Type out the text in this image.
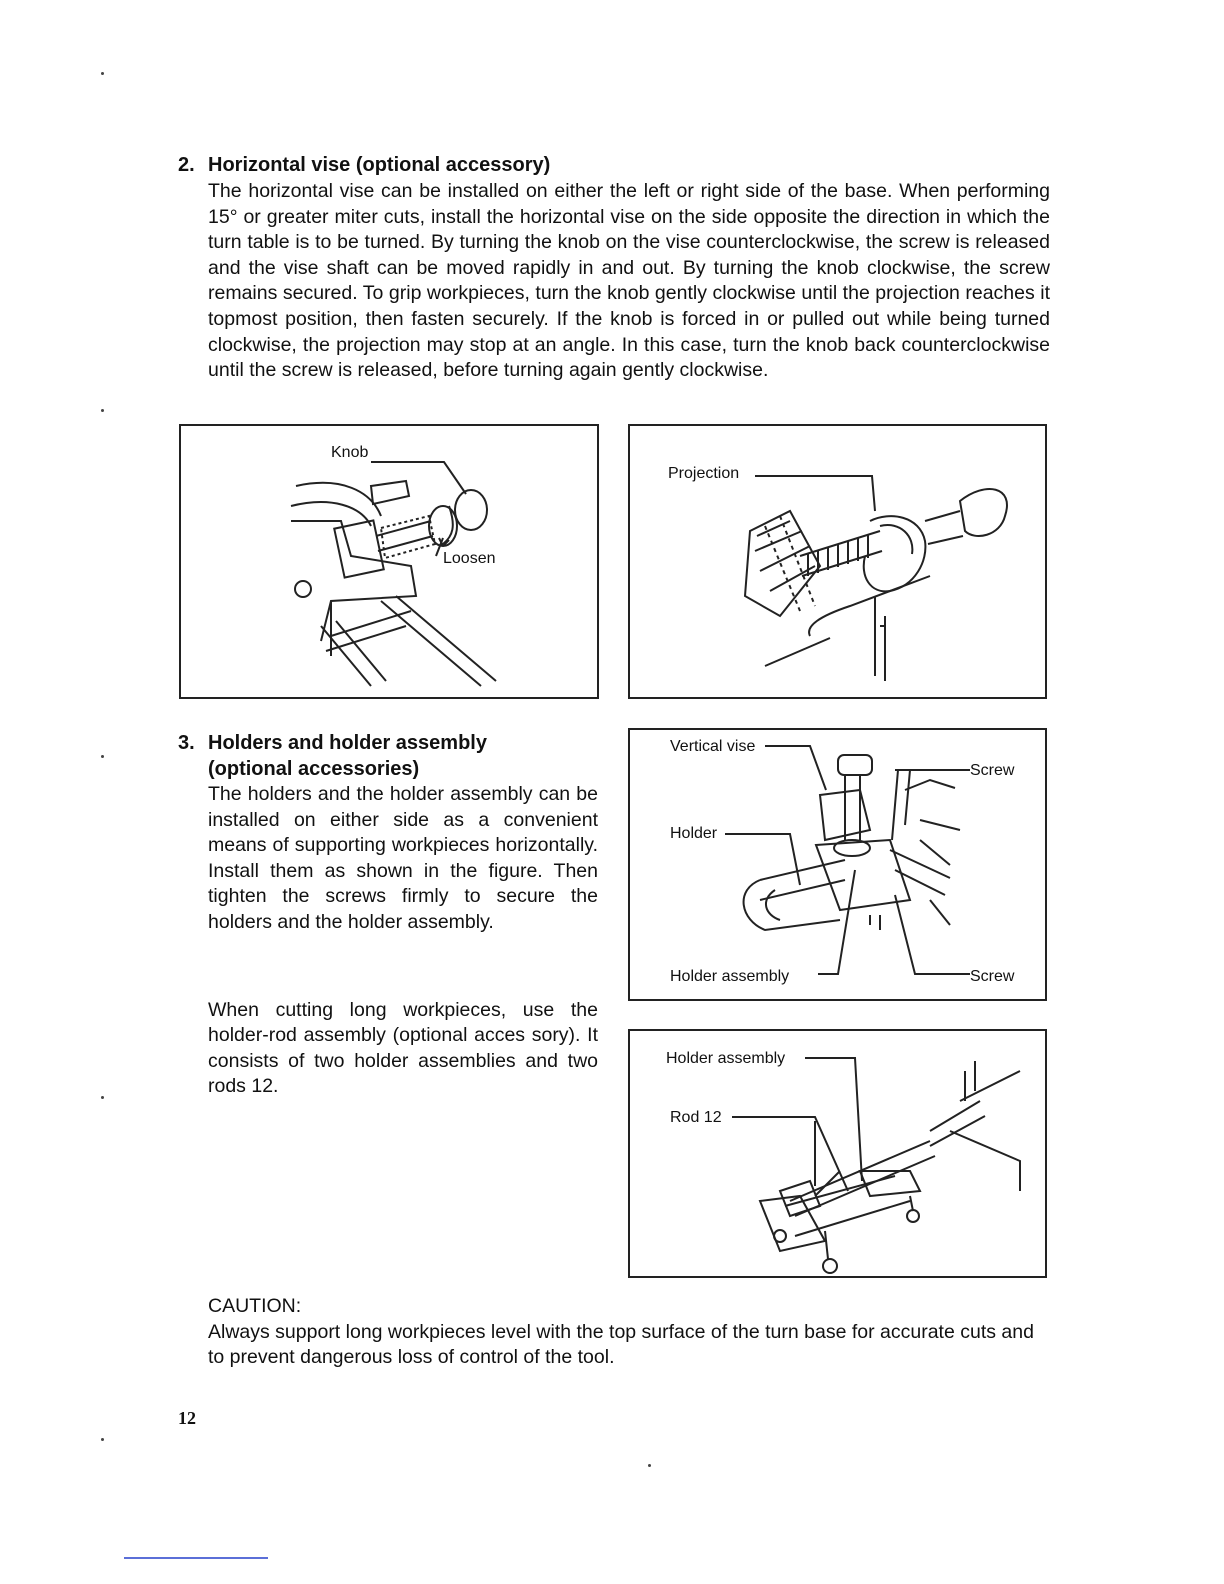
2. Horizontal vise (optional accessory)
The horizontal vise can be installed on either the left or right side of the base. When performing 15° or greater miter cuts, install the horizontal vise on the side opposite the direction in which the turn table is to be turned. By turning the knob on the vise counterclockwise, the screw is released and the vise shaft can be moved rapidly in and out. By turning the knob clockwise, the screw remains secured. To grip workpieces, turn the knob gently clockwise until the projection reaches it topmost position, then fasten securely. If the knob is forced in or pulled out while being turned clockwise, the projection may stop at an angle. In this case, turn the knob back counterclockwise until the screw is released, before turning again gently clockwise.
Knob
Loosen
Projection
3. Holders and holder assembly
(optional accessories)
The holders and the holder assembly can be installed on either side as a convenient means of supporting workpieces horizontally. Install them as shown in the figure. Then tighten the screws firmly to secure the holders and the holder assembly.
When cutting long workpieces, use the holder-rod assembly (optional acces sory). It consists of two holder assemblies and two rods 12.
Vertical vise
Screw
Holder
Holder assembly	Screw
Holder assembly
Rod 12
CAUTION:
Always support long workpieces level with the top surface of the turn base for accurate cuts and to prevent dangerous loss of control of the tool.
12
